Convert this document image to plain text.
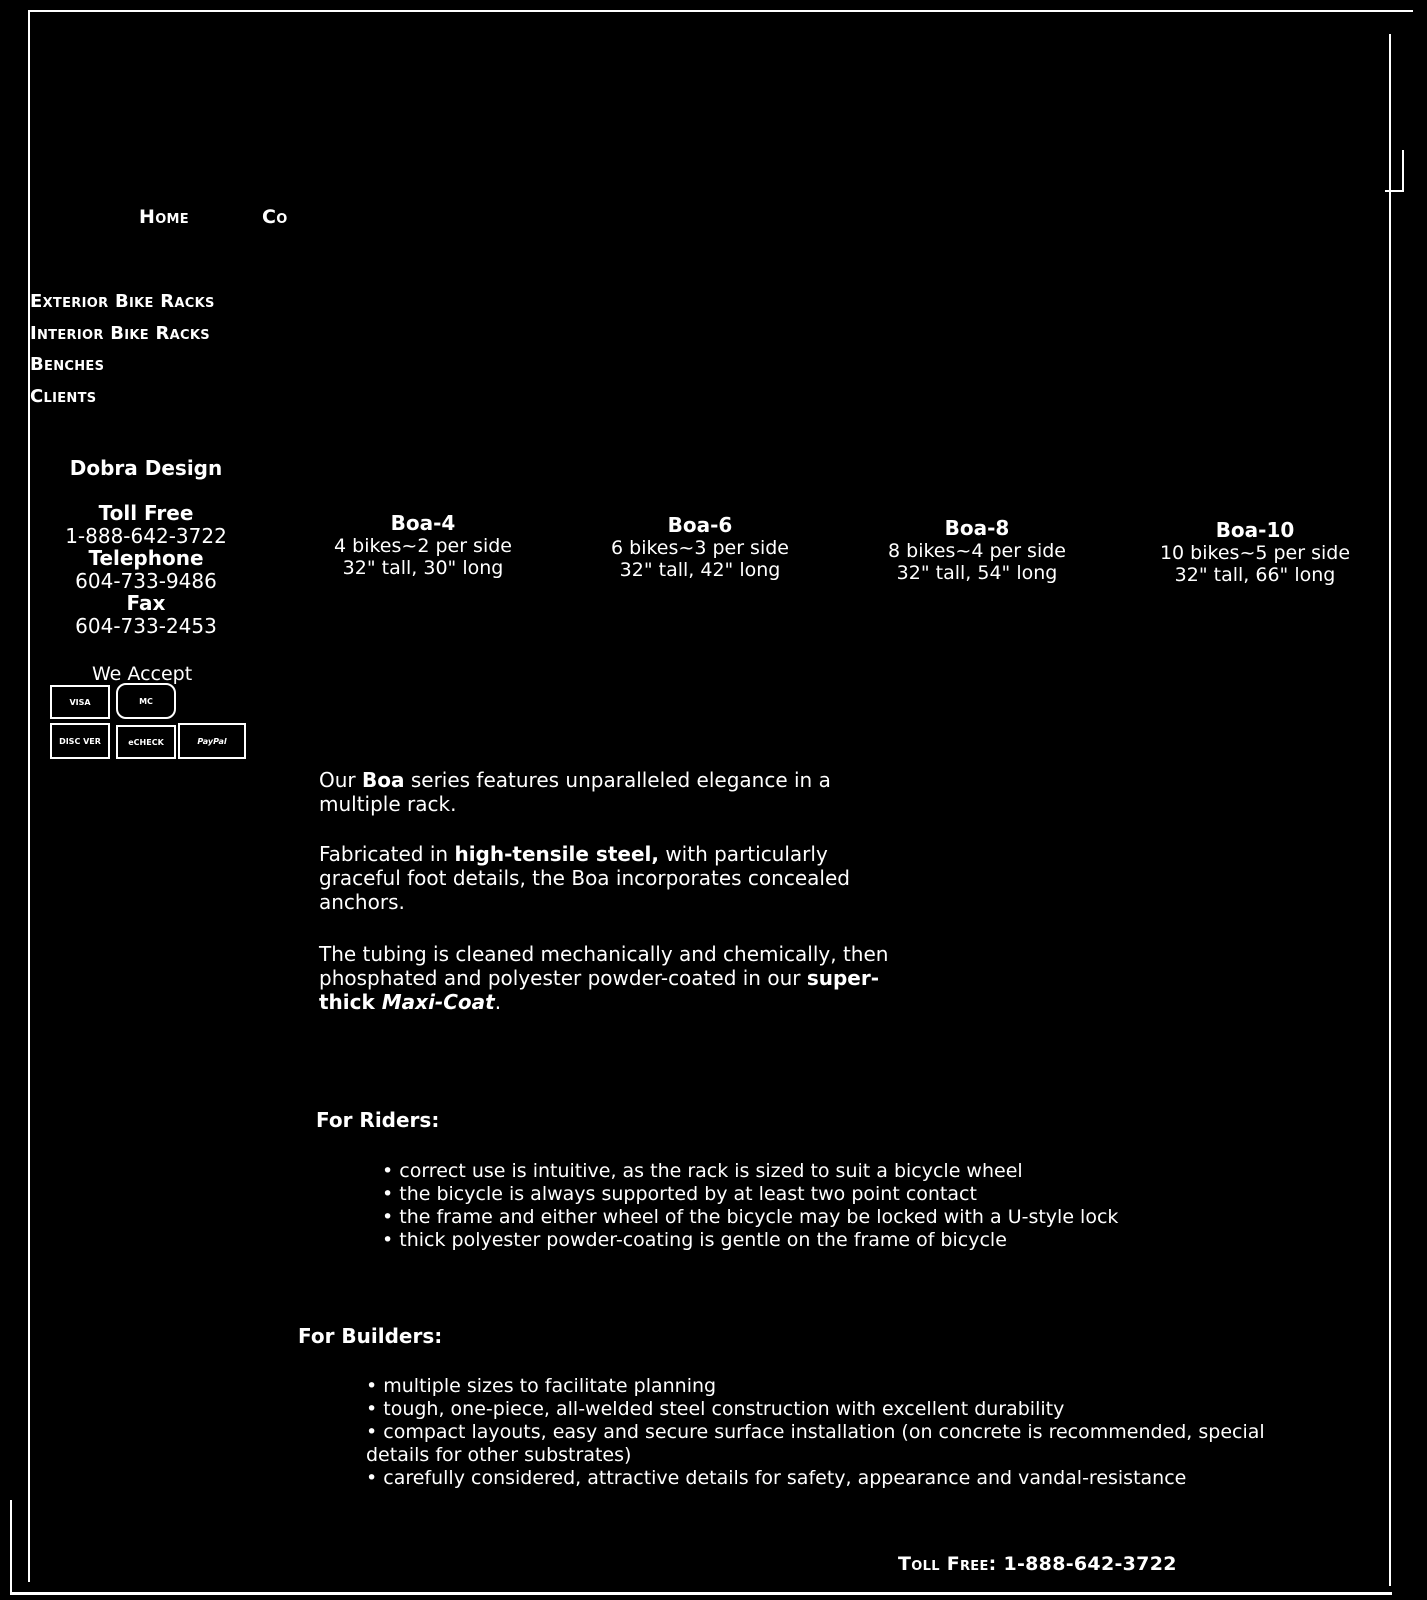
Home	Co
Exterior Bike Racks
Interior Bike Racks
Benches
Clients
Dobra Design
Toll Free
1-888-642-3722
Telephone
604-733-9486
Fax
604-733-2453
We Accept
VISA	MC
DISC VER	eCHECK	PayPal
Boa-4
4 bikes~2 per side
32" tall, 30" long
Boa-6
6 bikes~3 per side
32" tall, 42" long
Boa-8
8 bikes~4 per side
32" tall, 54" long
Boa-10
10 bikes~5 per side
32" tall, 66" long
Our Boa series features unparalleled elegance in a multiple rack.
Fabricated in high-tensile steel, with particularly graceful foot details, the Boa incorporates concealed anchors.
The tubing is cleaned mechanically and chemically, then phosphated and polyester powder-coated in our super-thick Maxi-Coat.
For Riders:
• correct use is intuitive, as the rack is sized to suit a bicycle wheel
• the bicycle is always supported by at least two point contact
• the frame and either wheel of the bicycle may be locked with a U-style lock
• thick polyester powder-coating is gentle on the frame of bicycle
For Builders:
• multiple sizes to facilitate planning
• tough, one-piece, all-welded steel construction with excellent durability
• compact layouts, easy and secure surface installation (on concrete is recommended, special details for other substrates)
• carefully considered, attractive details for safety, appearance and vandal-resistance
Toll Free: 1-888-642-3722
